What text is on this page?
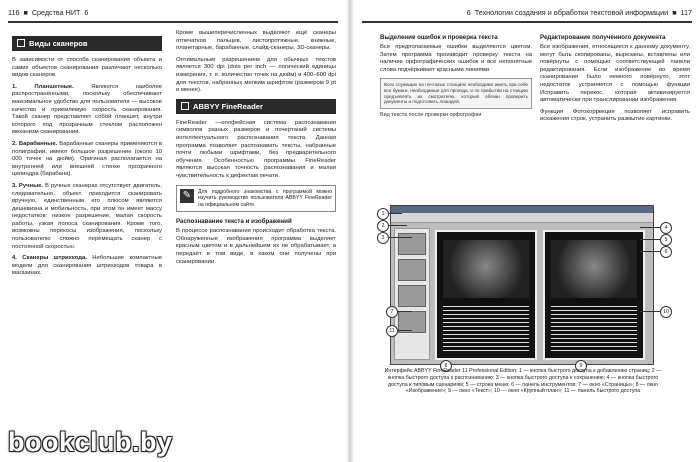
116 ■ Средства НИТ 6
Виды сканеров

В зависимости от способа сканирования объекта и самих объектов сканирования различают несколько видов сканеров.

1. Планшетные.	Являются наиболее распространёнными, поскольку обеспечивают максимальное удобство для пользователя — высокое качество и приемлемую скорость сканирования. Такой сканер представляет собой планшет, внутри которого под прозрачным стеклом расположен механизм сканирования.

2. Барабанные. Барабанные сканеры применяются в полиграфии, имеют большое разрешение (около 10 000 точек на дюйм). Оригинал располагается на внутренней или внешней стенке прозрачного цилиндра (барабана).

3. Ручные. В ручных сканерах отсутствует двигатель, следовательно, объект приходится сканировать вручную, единственным его плюсом являются дешевизна и мобильность, при этом он имеет массу недостатков: низкое разрешение, малая скорость работы, узкая полоса сканирования. Кроме того, возможны перекосы изображения, поскольку пользователю сложно перемещать сканер с постоянной скоростью.

4. Сканеры штрихкода. Небольшие компактные модели для сканирования штрихкодов товара в магазинах.

Кроме вышеперечисленных выделяют ещё сканеры отпечатков пальцев, листопротяжные, книжные, планетарные, барабанные, слайд-сканеры, 3D-сканеры.

Оптимальным разрешением для обычных текстов является 300 dpi (dots per inch — логический единицы измерения, т. е. количество точек на дюйм) и 400–600 dpi для текстов, набранных мелким шрифтом (размером 9 pt и менее).

ABBYY FineReader

FineReader —onофейсная система распознавания символов разных размеров и почертаний системы интеллектуального распознавания текста. Данная программа позволяет распознавать тексты, набранные почти любыми шрифтами, без предварительного обучения. Особенностью программы FineReader являются высокая точность распознавания и малая чувствительность к дефектам печати.

✎	Для подробного знакомства с программой можно изучить руководство пользователя ABBYY FineReader на официальном сайте.
Распознавание текста и изображений

В процессе распознавания происходит обработка текста. Обнаруженные изображения программа выделяет красным цветом и в дальнейшем их не обрабатывает, а передаёт в том виде, в каком они получены при сканировании.

bookclub.by
6 Технологии создания и обработки текстовой информации ■ 117
Выделение ошибок и проверка текста

Все предполагаемые ошибки выделяются цветом. Затем программа производит проверку текста на наличие орфографических ошибок и все непонятные слова подчёркивает красными линиями.

Всех служащих на почтовых станциях необходимо иметь при себе все бумаги, необходимые для проезда, и по прибытии на станцию предъявлять их смотрителю, который обязан проверить документы и подготовить лошадей.
Вид текста после проверки орфографии
Редактирование полученного документа

Все изображения, относящиеся к данному документу, могут быть скопированы, вырезаны, вставлены или повёрнуты с помощью соответствующей панели редактирования. Если изображение во время сканирования было немного повёрнуто, этот недостаток устраняется с помощью функции Исправить перекос, которая активизируется автоматически при транслировании изображения.

Функция Фотокоррекция позволяет исправить искажения строк, устранить размытие картинки.

1
2
3
7
11
4
5
6
8	9
10
Интерфейс ABBYY FineReader 11 Professional Edition: 1 — кнопка быстрого доступа к добавлению страниц; 2 — кнопка быстрого доступа к распознаванию; 3 — кнопка быстрого доступа к сохранению; 4 — кнопка быстрого доступа к типовым сценариям; 5 — строка меню; 6 — панель инструментов; 7 — окно «Страницы»; 8 — окно «Изображение»; 9 — окно «Текст»; 10 — окно «Крупный план»; 11 — панель быстрого доступа
